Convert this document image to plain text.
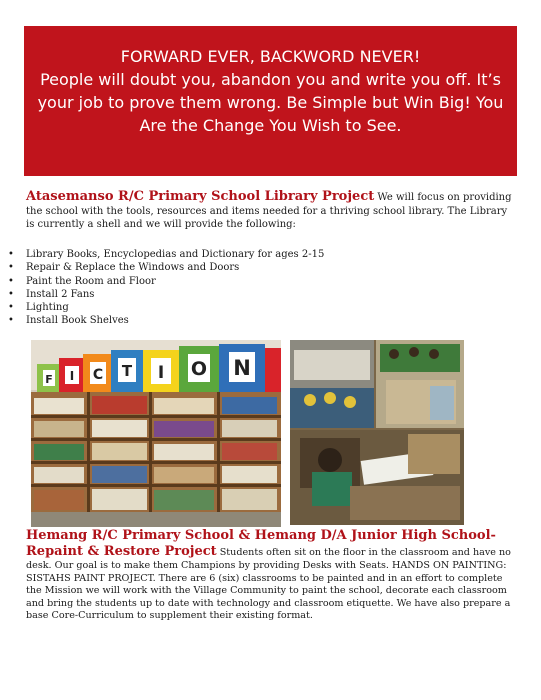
FORWARD EVER, BACKWORD NEVER!

People will doubt you, abandon you and write you off. It’s your job to prove them wrong. Be Simple but Win Big! You Are the Change You Wish to See.

Atasemanso R/C Primary School Library Project We will focus on providing the school with the tools, resources and items needed for a thriving school library. The Library is currently a shell and we will provide the following:
• Library Books, Encyclopedias and Dictionary for ages 2-15
• Repair & Replace the Windows and Doors
• Paint the Room and Floor
• Install 2 Fans
• Lighting
• Install Book Shelves
F I C T I O N
Hemang R/C Primary School & Hemang D/A Junior High School- Repaint & Restore Project Students often sit on the floor in the classroom and have no desk. Our goal is to make them Champions by providing Desks with Seats. HANDS ON PAINTING: SISTAHS PAINT PROJECT. There are 6 (six) classrooms to be painted and in an effort to complete the Mission we will work with the Village Community to paint the school, decorate each classroom and bring the students up to date with technology and classroom etiquette. We have also prepare a base Core-Curriculum to supplement their existing format.
